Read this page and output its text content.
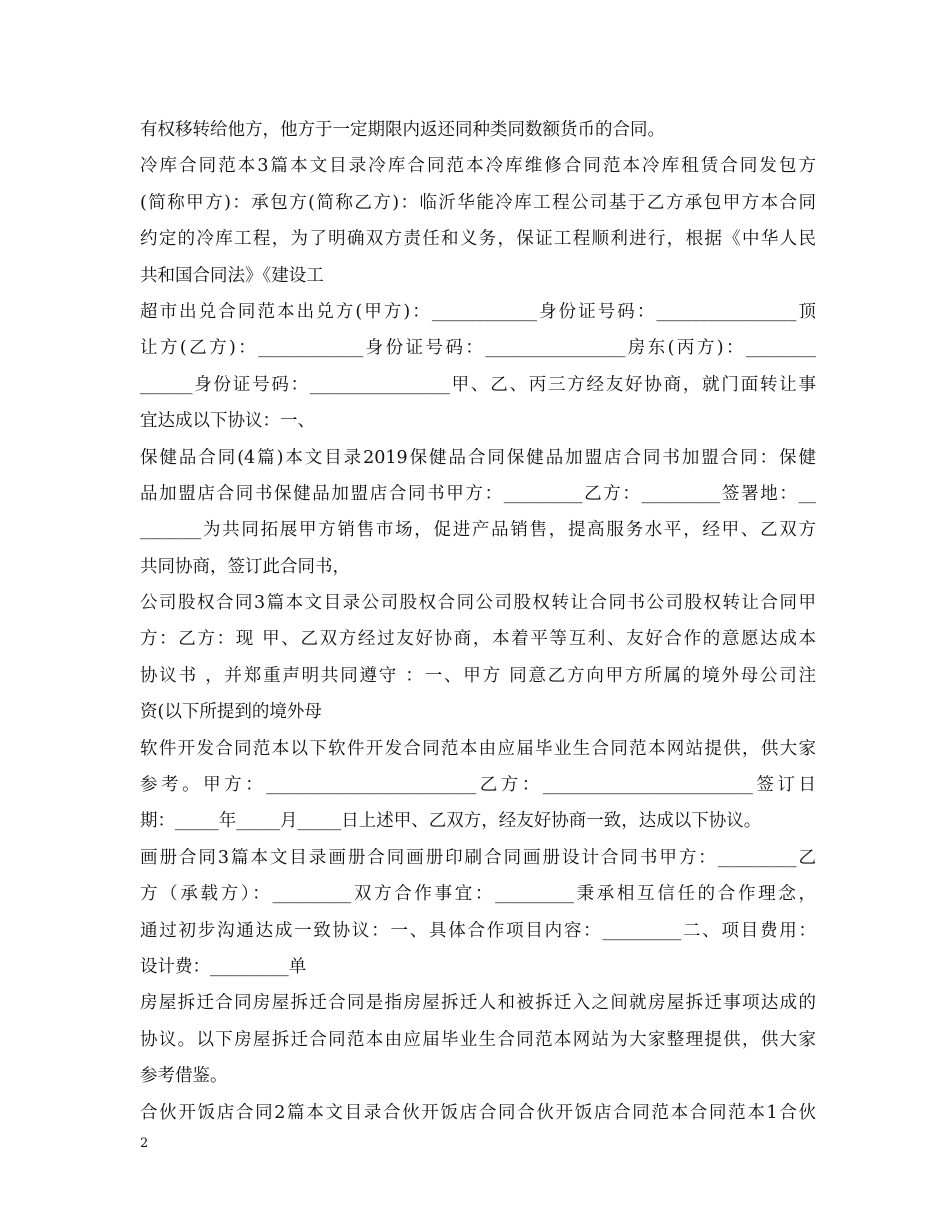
有权移转给他方，他方于一定期限内返还同种类同数额货币的合同。
冷库合同范本3篇本文目录冷库合同范本冷库维修合同范本冷库租赁合同发包方
(简称甲方)：承包方(简称乙方)：临沂华能冷库工程公司基于乙方承包甲方本合同
约定的冷库工程，为了明确双方责任和义务，保证工程顺利进行，根据《中华人民
共和国合同法》《建设工
超市出兑合同范本出兑方(甲方)：____________身份证号码：________________顶
让方(乙方)：____________身份证号码：________________房东(丙方)：________
______身份证号码：________________甲、乙、丙三方经友好协商，就门面转让事
宜达成以下协议：一、
保健品合同(4篇)本文目录2019保健品合同保健品加盟店合同书加盟合同：保健
品加盟店合同书保健品加盟店合同书甲方：_________乙方：_________签署地：__
_______为共同拓展甲方销售市场，促进产品销售，提高服务水平，经甲、乙双方
共同协商，签订此合同书，
公司股权合同3篇本文目录公司股权合同公司股权转让合同书公司股权转让合同甲
方：乙方：现 甲、乙双方经过友好协商，本着平等互利、友好合作的意愿达成本
协议书 ，并郑重声明共同遵守 ：一、甲方 同意乙方向甲方所属的境外母公司注
资(以下所提到的境外母
软件开发合同范本以下软件开发合同范本由应届毕业生合同范本网站提供，供大家
参考。甲方：________________________乙方：________________________签订日
期：_____年_____月_____日上述甲、乙双方，经友好协商一致，达成以下协议。
画册合同3篇本文目录画册合同画册印刷合同画册设计合同书甲方：_________乙
方（承载方）：_________双方合作事宜：_________秉承相互信任的合作理念，
通过初步沟通达成一致协议：一、具体合作项目内容：_________二、项目费用：
设计费：_________单
房屋拆迁合同房屋拆迁合同是指房屋拆迁人和被拆迁入之间就房屋拆迁事项达成的
协议。以下房屋拆迁合同范本由应届毕业生合同范本网站为大家整理提供，供大家
参考借鉴。
合伙开饭店合同2篇本文目录合伙开饭店合同合伙开饭店合同范本合同范本1合伙
2
